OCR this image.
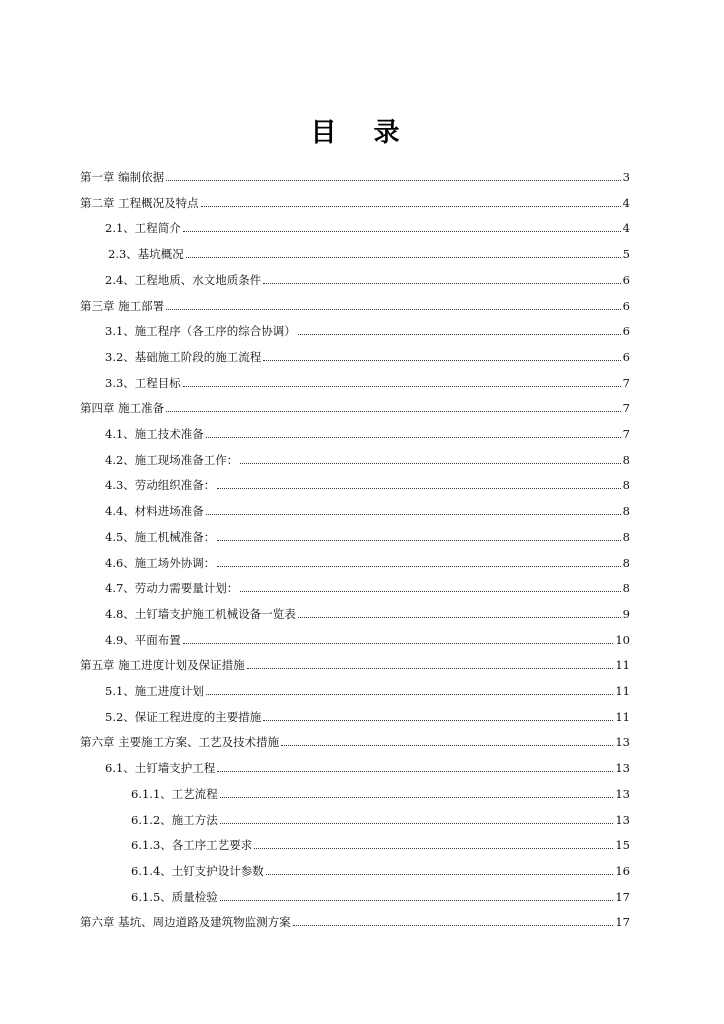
目 录
第一章 编制依据	3
第二章 工程概况及特点	4
2.1、工程简介	4
2.3、基坑概况	5
2.4、工程地质、水文地质条件	6
第三章 施工部署	6
3.1、施工程序（各工序的综合协调）	6
3.2、基础施工阶段的施工流程	6
3.3、工程目标	7
第四章 施工准备	7
4.1、施工技术准备	7
4.2、施工现场准备工作：	8
4.3、劳动组织准备：	8
4.4、材料进场准备	8
4.5、施工机械准备：	8
4.6、施工场外协调：	8
4.7、劳动力需要量计划：	8
4.8、土钉墙支护施工机械设备一览表	9
4.9、平面布置	10
第五章 施工进度计划及保证措施	11
5.1、施工进度计划	11
5.2、保证工程进度的主要措施	11
第六章 主要施工方案、工艺及技术措施	13
6.1、土钉墙支护工程	13
6.1.1、工艺流程	13
6.1.2、施工方法	13
6.1.3、各工序工艺要求	15
6.1.4、土钉支护设计参数	16
6.1.5、质量检验	17
第六章 基坑、周边道路及建筑物监测方案	17
